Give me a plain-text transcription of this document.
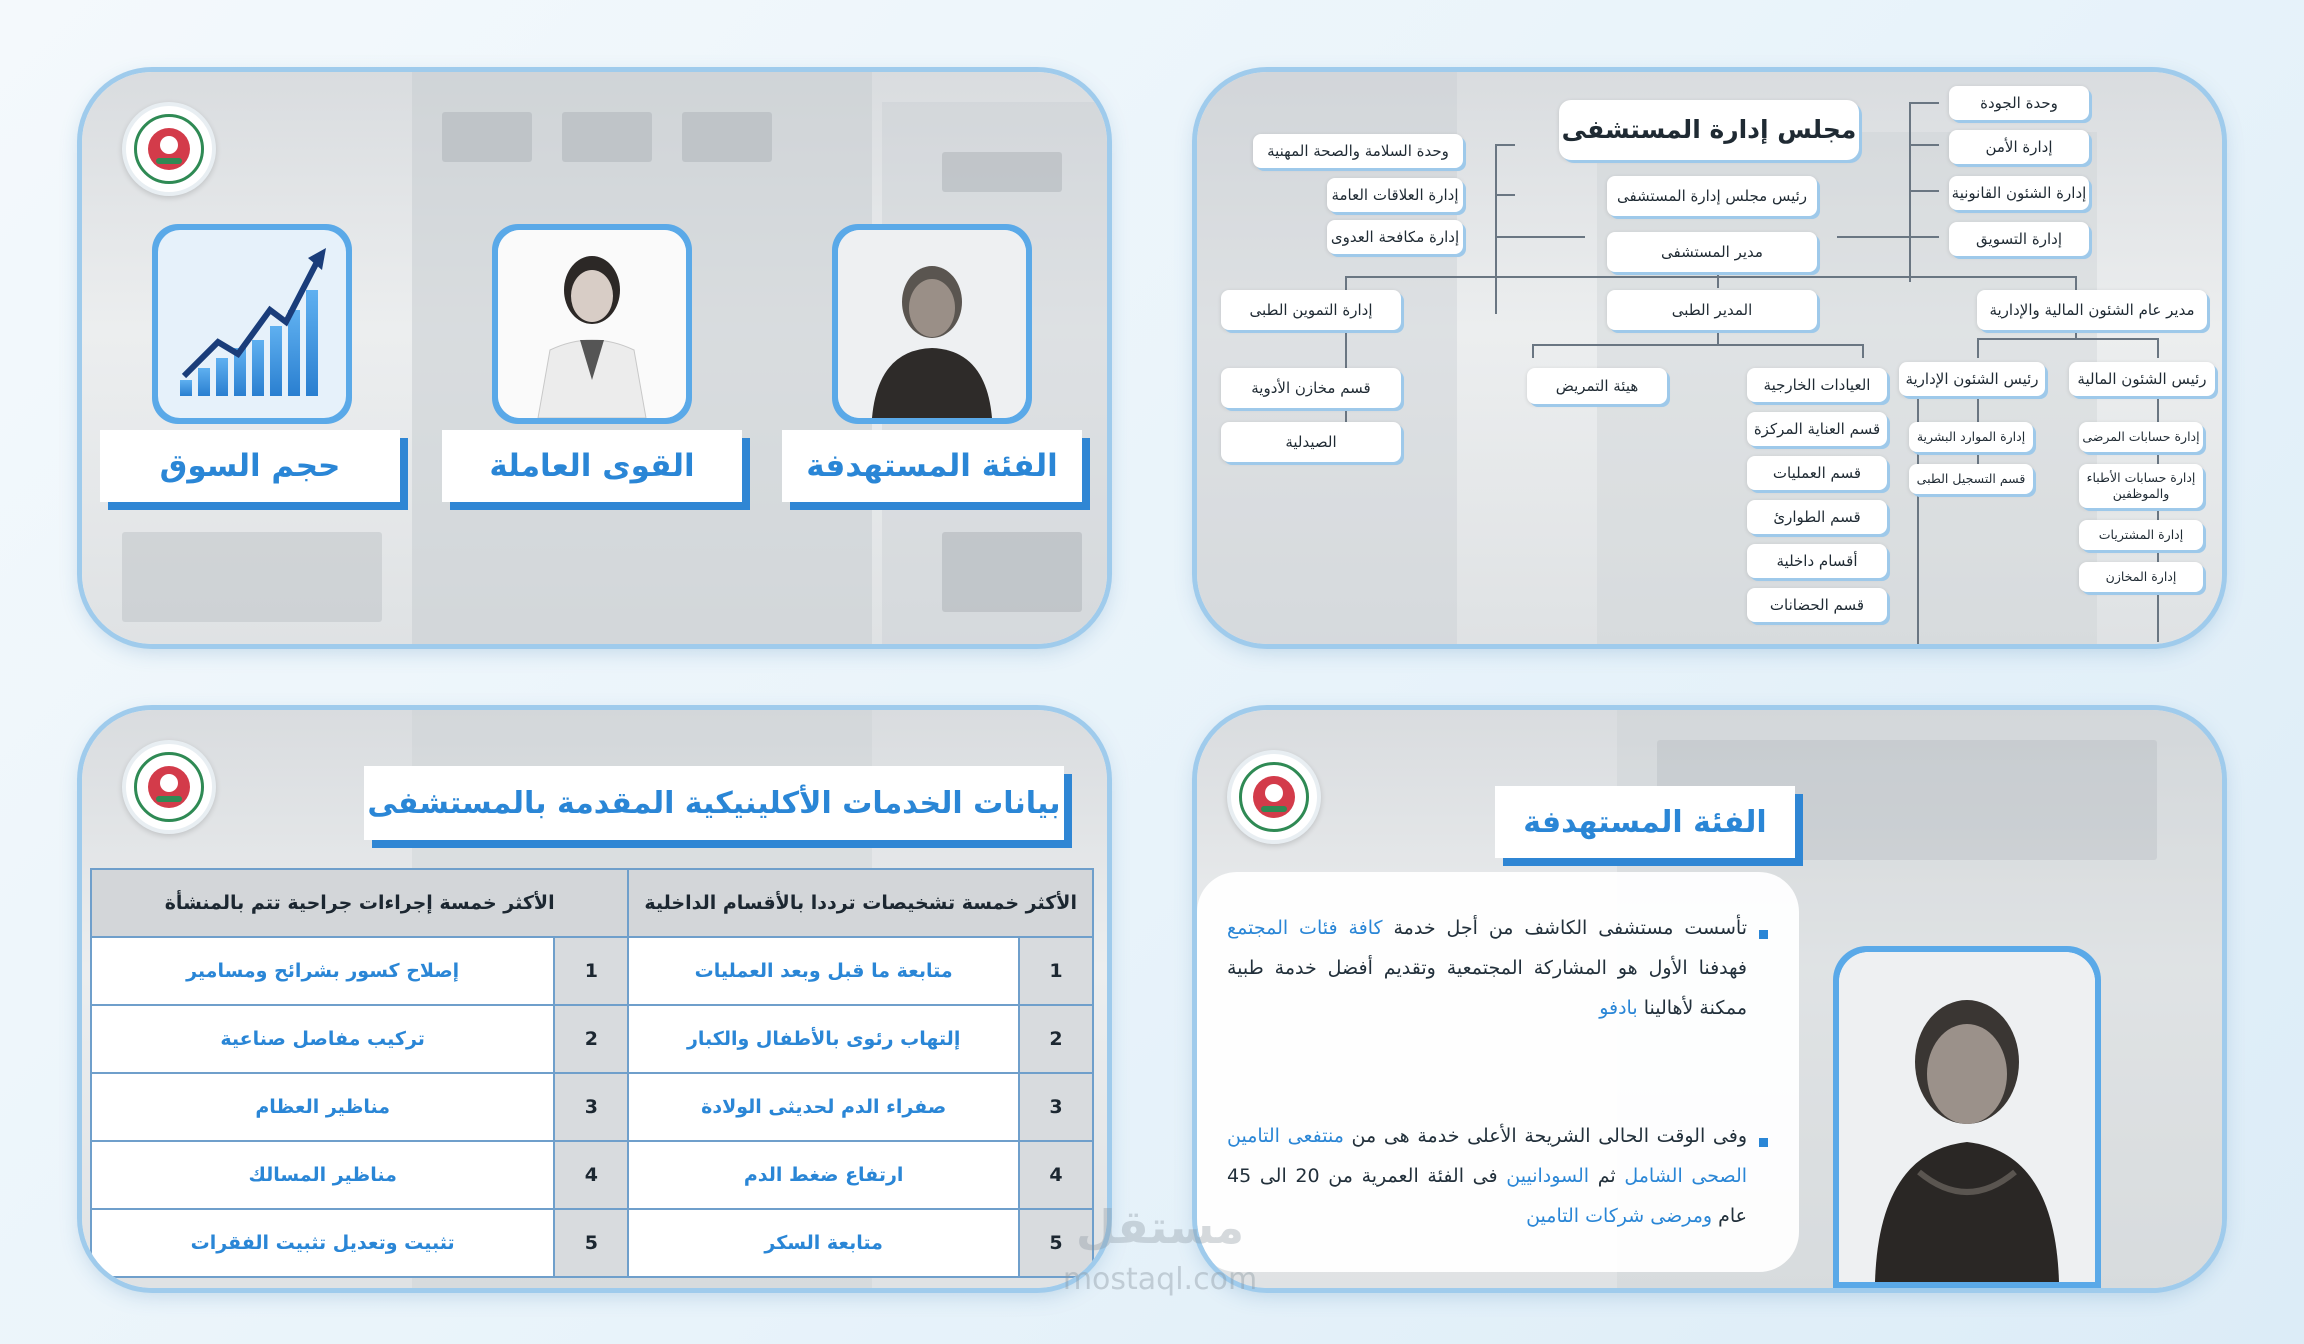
الفئة المستهدفة
القوى العاملة
حجم السوق
مجلس إدارة المستشفى
رئيس مجلس إدارة المستشفى
مدير المستشفى
المدير الطبى	مدير عام الشئون المالية والإدارية
إدارة التموين الطبى
قسم مخازن الأدوية
الصيدلية
هيئة التمريض
وحدة السلامة والصحة المهنية
إدارة العلاقات العامة
إدارة مكافحة العدوى
وحدة الجودة
إدارة الأمن
إدارة الشئون القانونية
إدارة التسويق
العيادات الخارجية
قسم العناية المركزة
قسم العمليات
قسم الطوارئ
أقسام داخلية
قسم الحضانات
رئيس الشئون الإدارية
إدارة الموارد البشرية
قسم التسجيل الطبى
رئيس الشئون المالية
إدارة حسابات المرضى
إدارة حسابات الأطباء والموظفين
إدارة المشتريات
إدارة المخازن
بيانات الخدمات الأكلينيكية المقدمة بالمستشفى
الأكثر خمسة إجراءات جراحية تتم بالمنشأة		الأكثر خمسة تشخيصات ترددا بالأقسام الداخلية	
إصلاح كسور بشرائح ومسامير	1	متابعة ما قبل وبعد العمليات	1
تركيب مفاصل صناعية	2	إلتهاب رئوى بالأطفال والكبار	2
مناظير العظام	3	صفراء الدم لحديثى الولادة	3
مناظير المسالك	4	ارتفاع ضغط الدم	4
تثبيت وتعديل تثبيت الفقرات	5	متابعة السكر	5
الفئة المستهدفة
تأسست مستشفى الكاشف من أجل خدمة كافة فئات المجتمع فهدفنا الأول هو المشاركة المجتمعية وتقديم أفضل خدمة طبية ممكنة لأهالينا بادفو
وفى الوقت الحالى الشريحة الأعلى خدمة هى من منتفعى التامين الصحى الشامل ثم السودانيين فى الفئة العمرية من 20 الى 45 عام ومرضى شركات التامين
مستقل
mostaql.com
